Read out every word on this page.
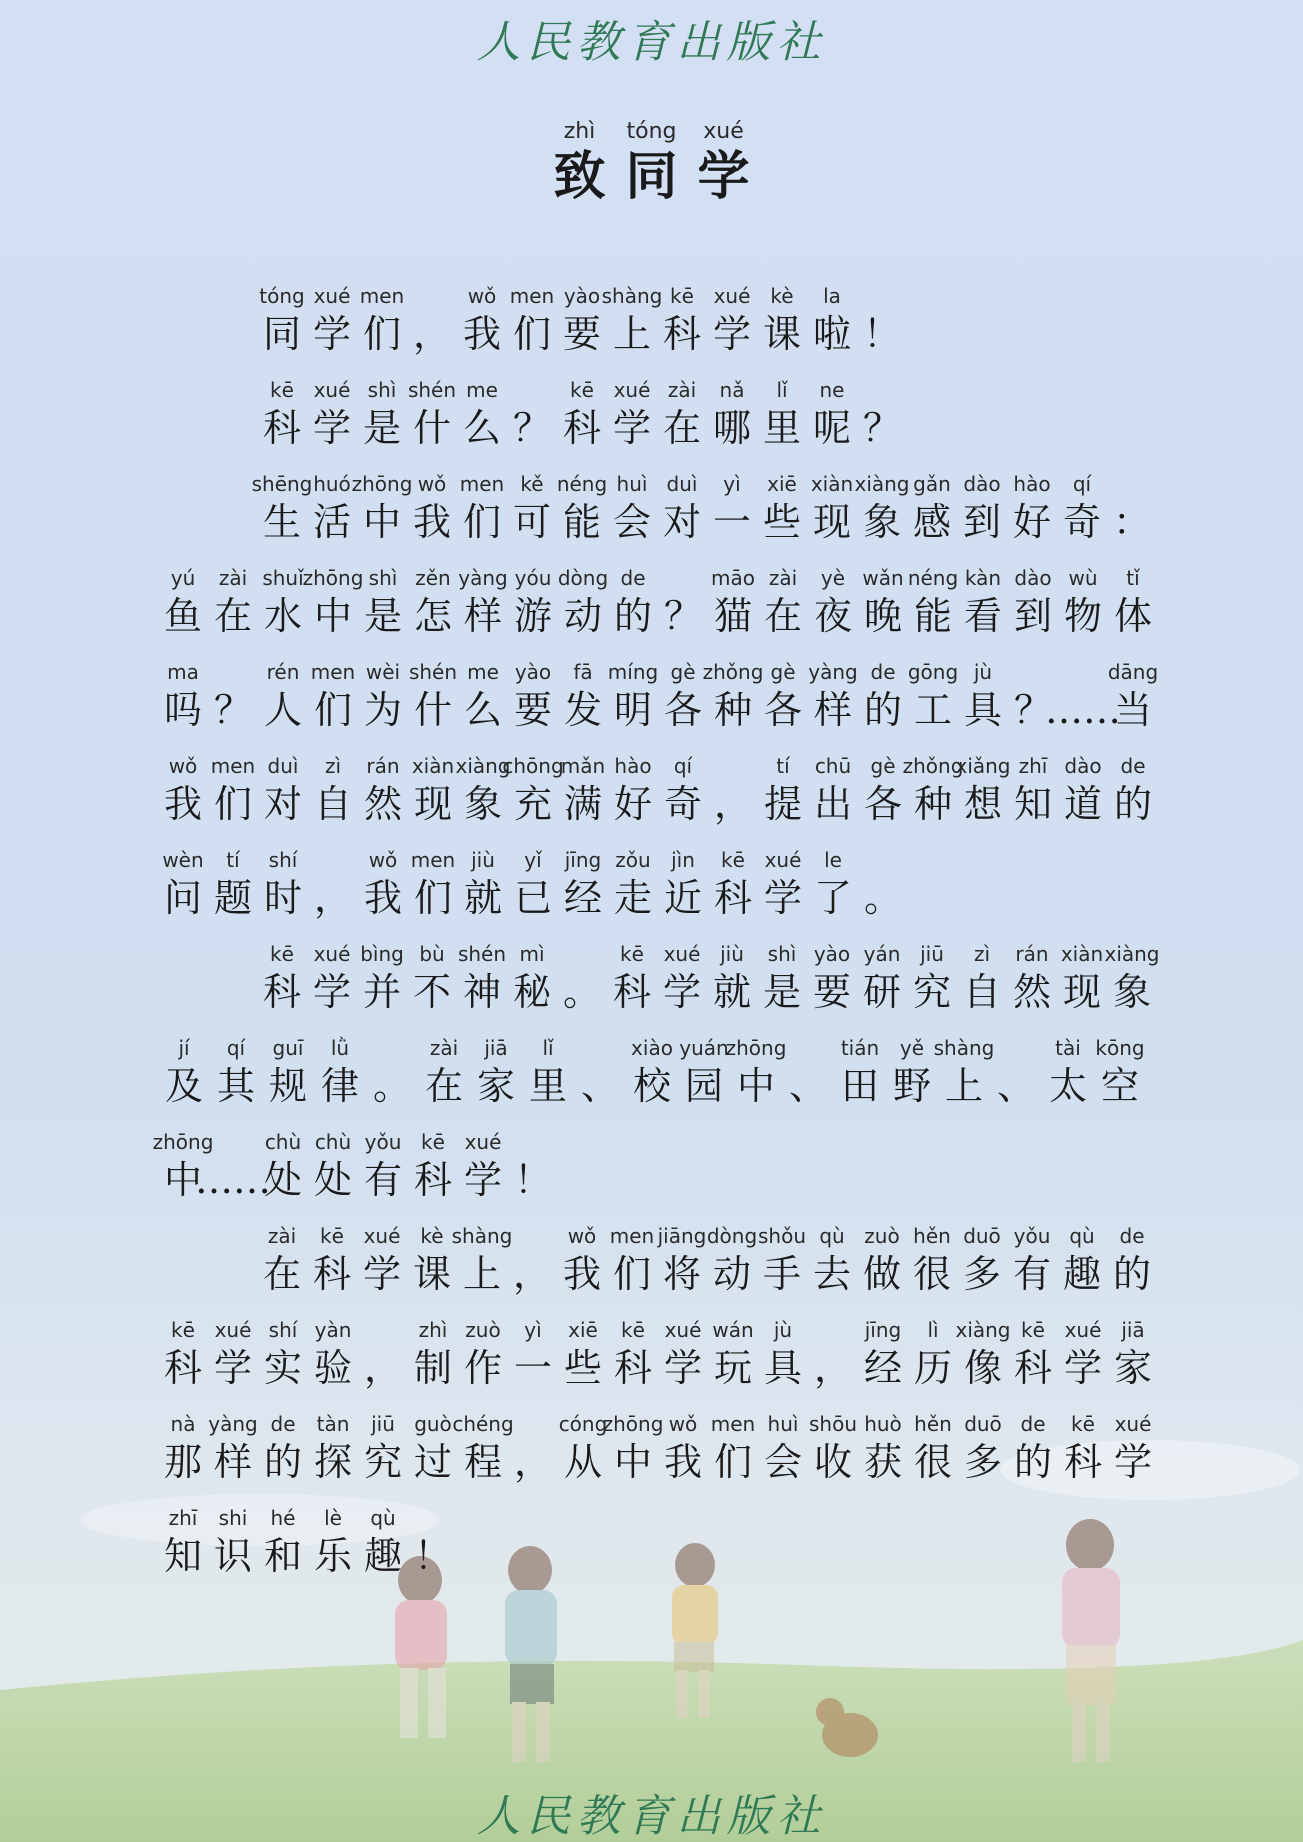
人民教育出版社
zhì
致
tóng
同
xué
学
tóng
同
xué
学
men
们 ，
wǒ
我
men
们
yào
要
shàng
上
kē
科
xué
学
kè
课
la
啦 ！
kē
科
xué
学
shì
是
shén
什
me
么 ？
kē
科
xué
学
zài
在
nǎ
哪
lǐ
里
ne
呢 ？
shēng
生
huó
活
zhōng
中
wǒ
我
men
们
kě
可
néng
能
huì
会
duì
对
yì
一
xiē
些
xiàn
现
xiàng
象
gǎn
感
dào
到
hào
好
qí
奇 ：
yú
鱼
zài
在
shuǐ
水
zhōng
中
shì
是
zěn
怎
yàng
样
yóu
游
dòng
动
de
的 ？
māo
猫
zài
在
yè
夜
wǎn
晚
néng
能
kàn
看
dào
到
wù
物
tǐ
体
ma
吗 ？
rén
人
men
们
wèi
为
shén
什
me
么
yào
要
fā
发
míng
明
gè
各
zhǒng
种
gè
各
yàng
样
de
的
gōng
工
jù
具 ？
……
dāng
当
wǒ
我
men
们
duì
对
zì
自
rán
然
xiàn
现
xiàng
象
chōng
充
mǎn
满
hào
好
qí
奇 ，
tí
提
chū
出
gè
各
zhǒng
种
xiǎng
想
zhī
知
dào
道
de
的
wèn
问
tí
题
shí
时 ，
wǒ
我
men
们
jiù
就
yǐ
已
jīng
经
zǒu
走
jìn
近
kē
科
xué
学
le
了 。
kē
科
xué
学
bìng
并
bù
不
shén
神
mì
秘 。
kē
科
xué
学
jiù
就
shì
是
yào
要
yán
研
jiū
究
zì
自
rán
然
xiàn
现
xiàng
象
jí
及
qí
其
guī
规
lǜ
律 。
zài
在
jiā
家
lǐ
里 、
xiào
校
yuán
园
zhōng
中 、
tián
田
yě
野
shàng
上 、
tài
太
kōng
空
zhōng
中
……
chù
处
chù
处
yǒu
有
kē
科
xué
学 ！
zài
在
kē
科
xué
学
kè
课
shàng
上 ，
wǒ
我
men
们
jiāng
将
dòng
动
shǒu
手
qù
去
zuò
做
hěn
很
duō
多
yǒu
有
qù
趣
de
的
kē
科
xué
学
shí
实
yàn
验 ，
zhì
制
zuò
作
yì
一
xiē
些
kē
科
xué
学
wán
玩
jù
具 ，
jīng
经
lì
历
xiàng
像
kē
科
xué
学
jiā
家
nà
那
yàng
样
de
的
tàn
探
jiū
究
guò
过
chéng
程 ，
cóng
从
zhōng
中
wǒ
我
men
们
huì
会
shōu
收
huò
获
hěn
很
duō
多
de
的
kē
科
xué
学
zhī
知
shi
识
hé
和
lè
乐
qù
趣 ！
人民教育出版社
